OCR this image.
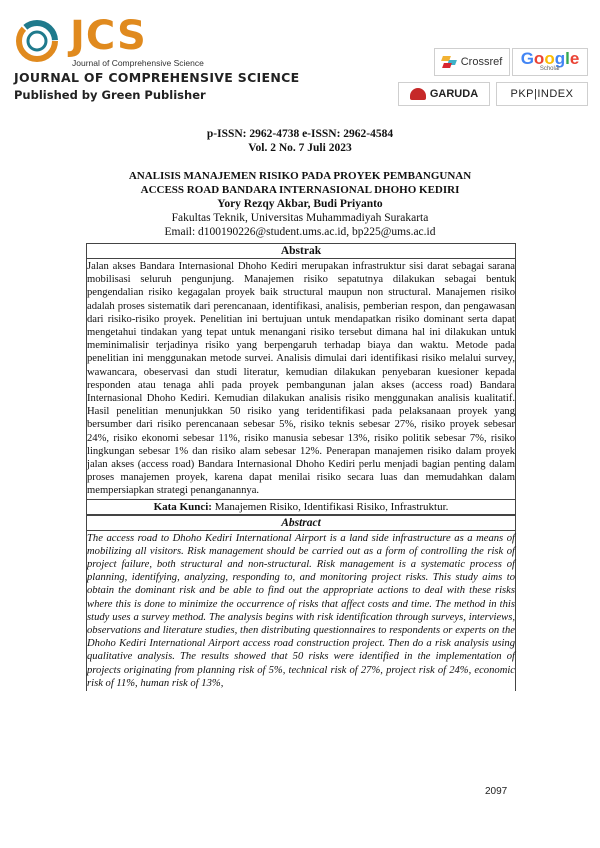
JCS
Journal of Comprehensive Science
JOURNAL OF COMPREHENSIVE SCIENCE
Published by Green Publisher
Crossref Google
Scholar
GARUDA	PKP|INDEX
p-ISSN: 2962-4738 e-ISSN: 2962-4584
Vol. 2 No. 7 Juli 2023
ANALISIS MANAJEMEN RISIKO PADA PROYEK PEMBANGUNAN
ACCESS ROAD BANDARA INTERNASIONAL DHOHO KEDIRI
Yory Rezqy Akbar, Budi Priyanto
Fakultas Teknik, Universitas Muhammadiyah Surakarta
Email: d100190226@student.ums.ac.id, bp225@ums.ac.id
Abstrak
Jalan akses Bandara Internasional Dhoho Kediri merupakan infrastruktur sisi darat sebagai sarana mobilisasi seluruh pengunjung. Manajemen risiko sepatutnya dilakukan sebagai bentuk pengendalian risiko kegagalan proyek baik structural maupun non structural. Manajemen risiko adalah proses sistematik dari perencanaan, identifikasi, analisis, pemberian respon, dan pengawasan dari risiko-risiko proyek. Penelitian ini bertujuan untuk mendapatkan risiko dominant serta dapat mengetahui tindakan yang tepat untuk menangani risiko tersebut dimana hal ini dilakukan untuk meminimalisir terjadinya risiko yang berpengaruh terhadap biaya dan waktu. Metode pada penelitian ini menggunakan metode survei. Analisis dimulai dari identifikasi risiko melalui survey, wawancara, obeservasi dan studi literatur, kemudian dilakukan penyebaran kuesioner kepada responden atau tenaga ahli pada proyek pembangunan jalan akses (access road) Bandara Internasional Dhoho Kediri. Kemudian dilakukan analisis risiko menggunakan analisis kualitatif. Hasil penelitian menunjukkan 50 risiko yang teridentifikasi pada pelaksanaan proyek yang bersumber dari risiko perencanaan sebesar 5%, risiko teknis sebesar 27%, risiko proyek sebesar 24%, risiko ekonomi sebesar 11%, risiko manusia sebesar 13%, risiko politik sebesar 7%, risiko lingkungan sebesar 1% dan risiko alam sebesar 12%. Penerapan manajemen risiko dalam proyek jalan akses (access road) Bandara Internasional Dhoho Kediri perlu menjadi bagian penting dalam proses manajemen proyek, karena dapat menilai risiko secara luas dan memudahkan dalam mempersiapkan strategi penanganannya.
Kata Kunci: Manajemen Risiko, Identifikasi Risiko, Infrastruktur.
Abstract
The access road to Dhoho Kediri International Airport is a land side infrastructure as a means of mobilizing all visitors. Risk management should be carried out as a form of controlling the risk of project failure, both structural and non-structural. Risk management is a systematic process of planning, identifying, analyzing, responding to, and monitoring project risks. This study aims to obtain the dominant risk and be able to find out the appropriate actions to deal with these risks where this is done to minimize the occurrence of risks that affect costs and time. The method in this study uses a survey method. The analysis begins with risk identification through surveys, interviews, observations and literature studies, then distributing questionnaires to respondents or experts on the Dhoho Kediri International Airport access road construction project. Then do a risk analysis using qualitative analysis. The results showed that 50 risks were identified in the implementation of projects originating from planning risk of 5%, technical risk of 27%, project risk of 24%, economic risk of 11%, human risk of 13%,
2097
